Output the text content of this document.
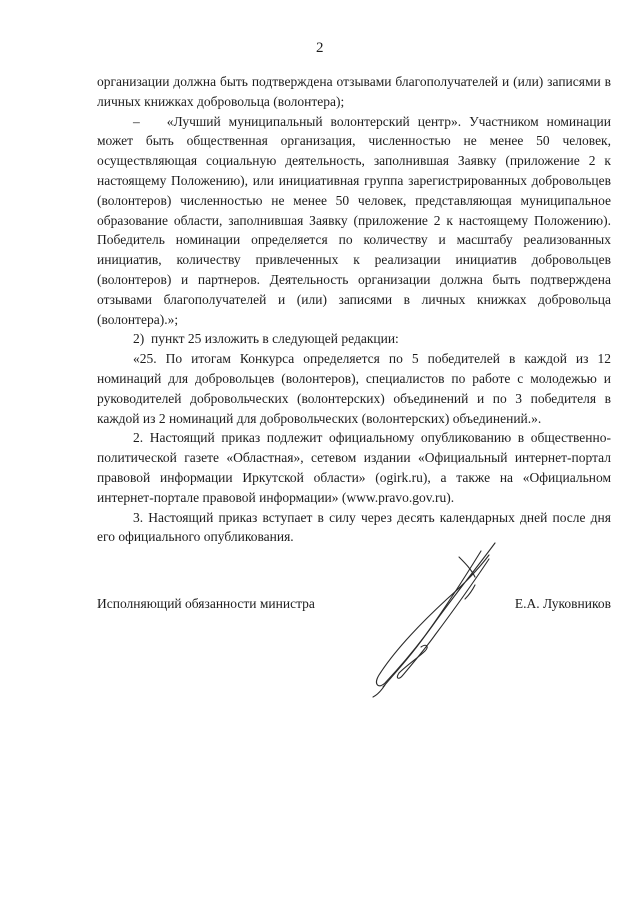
2

организации должна быть подтверждена отзывами благополучателей и (или) записями в личных книжках добровольца (волонтера);

–  «Лучший муниципальный волонтерский центр». Участником номинации может быть общественная организация, численностью не менее 50 человек, осуществляющая социальную деятельность, заполнившая Заявку (приложение 2 к настоящему Положению), или инициативная группа зарегистрированных добровольцев (волонтеров) численностью не менее 50 человек, представляющая муниципальное образование области, заполнившая Заявку (приложение 2 к настоящему Положению). Победитель номинации определяется по количеству и масштабу реализованных инициатив, количеству привлеченных к реализации инициатив добровольцев (волонтеров) и партнеров. Деятельность организации должна быть подтверждена отзывами благополучателей и (или) записями в личных книжках добровольца (волонтера).»;

2) пункт 25 изложить в следующей редакции:

«25. По итогам Конкурса определяется по 5 победителей в каждой из 12 номинаций для добровольцев (волонтеров), специалистов по работе с молодежью и руководителей добровольческих (волонтерских) объединений и по 3 победителя в каждой из 2 номинаций для добровольческих (волонтерских) объединений.».

2. Настоящий приказ подлежит официальному опубликованию в общественно-политической газете «Областная», сетевом издании «Официальный интернет-портал правовой информации Иркутской области» (ogirk.ru), а также на «Официальном интернет-портале правовой информации» (www.pravo.gov.ru).

3. Настоящий приказ вступает в силу через десять календарных дней после дня его официального опубликования.

Исполняющий обязанности министра	Е.А. Луковников
